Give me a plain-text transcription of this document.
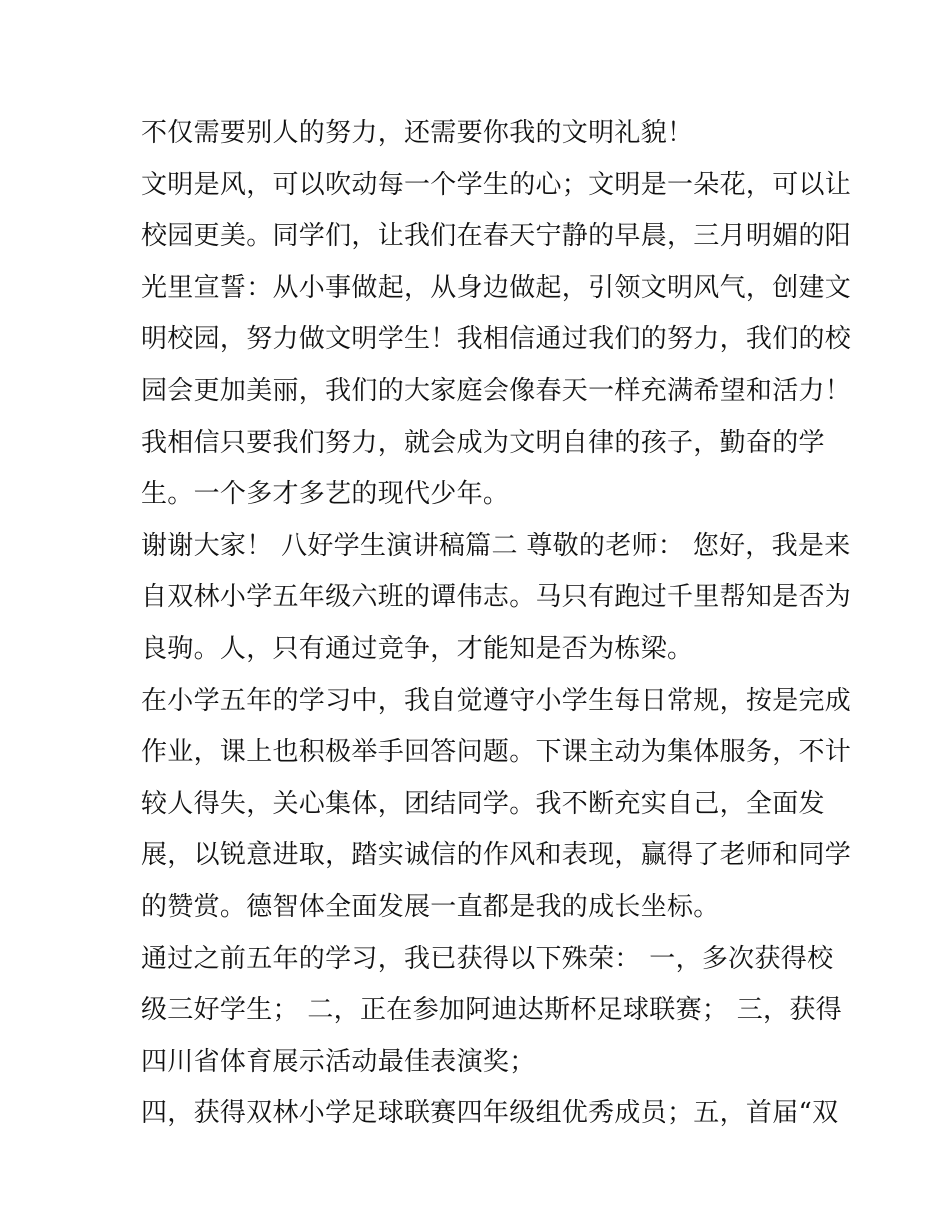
不仅需要别人的努力，还需要你我的文明礼貌！
文明是风，可以吹动每一个学生的心；文明是一朵花，可以让
校园更美。同学们，让我们在春天宁静的早晨，三月明媚的阳
光里宣誓：从小事做起，从身边做起，引领文明风气，创建文
明校园，努力做文明学生！我相信通过我们的努力，我们的校
园会更加美丽，我们的大家庭会像春天一样充满希望和活力！
我相信只要我们努力，就会成为文明自律的孩子，勤奋的学
生。一个多才多艺的现代少年。
谢谢大家！ 八好学生演讲稿篇二 尊敬的老师： 您好，我是来
自双林小学五年级六班的谭伟志。马只有跑过千里帮知是否为
良驹。人，只有通过竞争，才能知是否为栋梁。
在小学五年的学习中，我自觉遵守小学生每日常规，按是完成
作业，课上也积极举手回答问题。下课主动为集体服务，不计
较人得失，关心集体，团结同学。我不断充实自己，全面发
展，以锐意进取，踏实诚信的作风和表现，赢得了老师和同学
的赞赏。德智体全面发展一直都是我的成长坐标。
通过之前五年的学习，我已获得以下殊荣： 一，多次获得校
级三好学生； 二，正在参加阿迪达斯杯足球联赛； 三，获得
四川省体育展示活动最佳表演奖；
四，获得双林小学足球联赛四年级组优秀成员；五，首届“双
